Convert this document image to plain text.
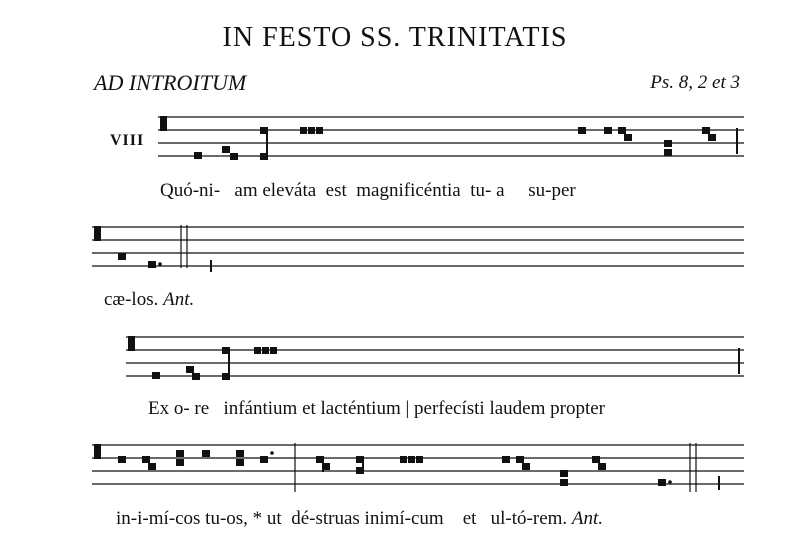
IN FESTO SS. TRINITATIS
AD INTROITUM	Ps. 8, 2 et 3
VIII
Quó-ni-   am eleváta  est  magnificéntia  tu- a     su-per
cæ-los. Ant.
Ex o- re   infántium et lacténtium | perfecísti laudem propter
in-i-mí-cos tu-os, * ut  dé-struas inimí-cum    et   ul-tó-rem. Ant.
